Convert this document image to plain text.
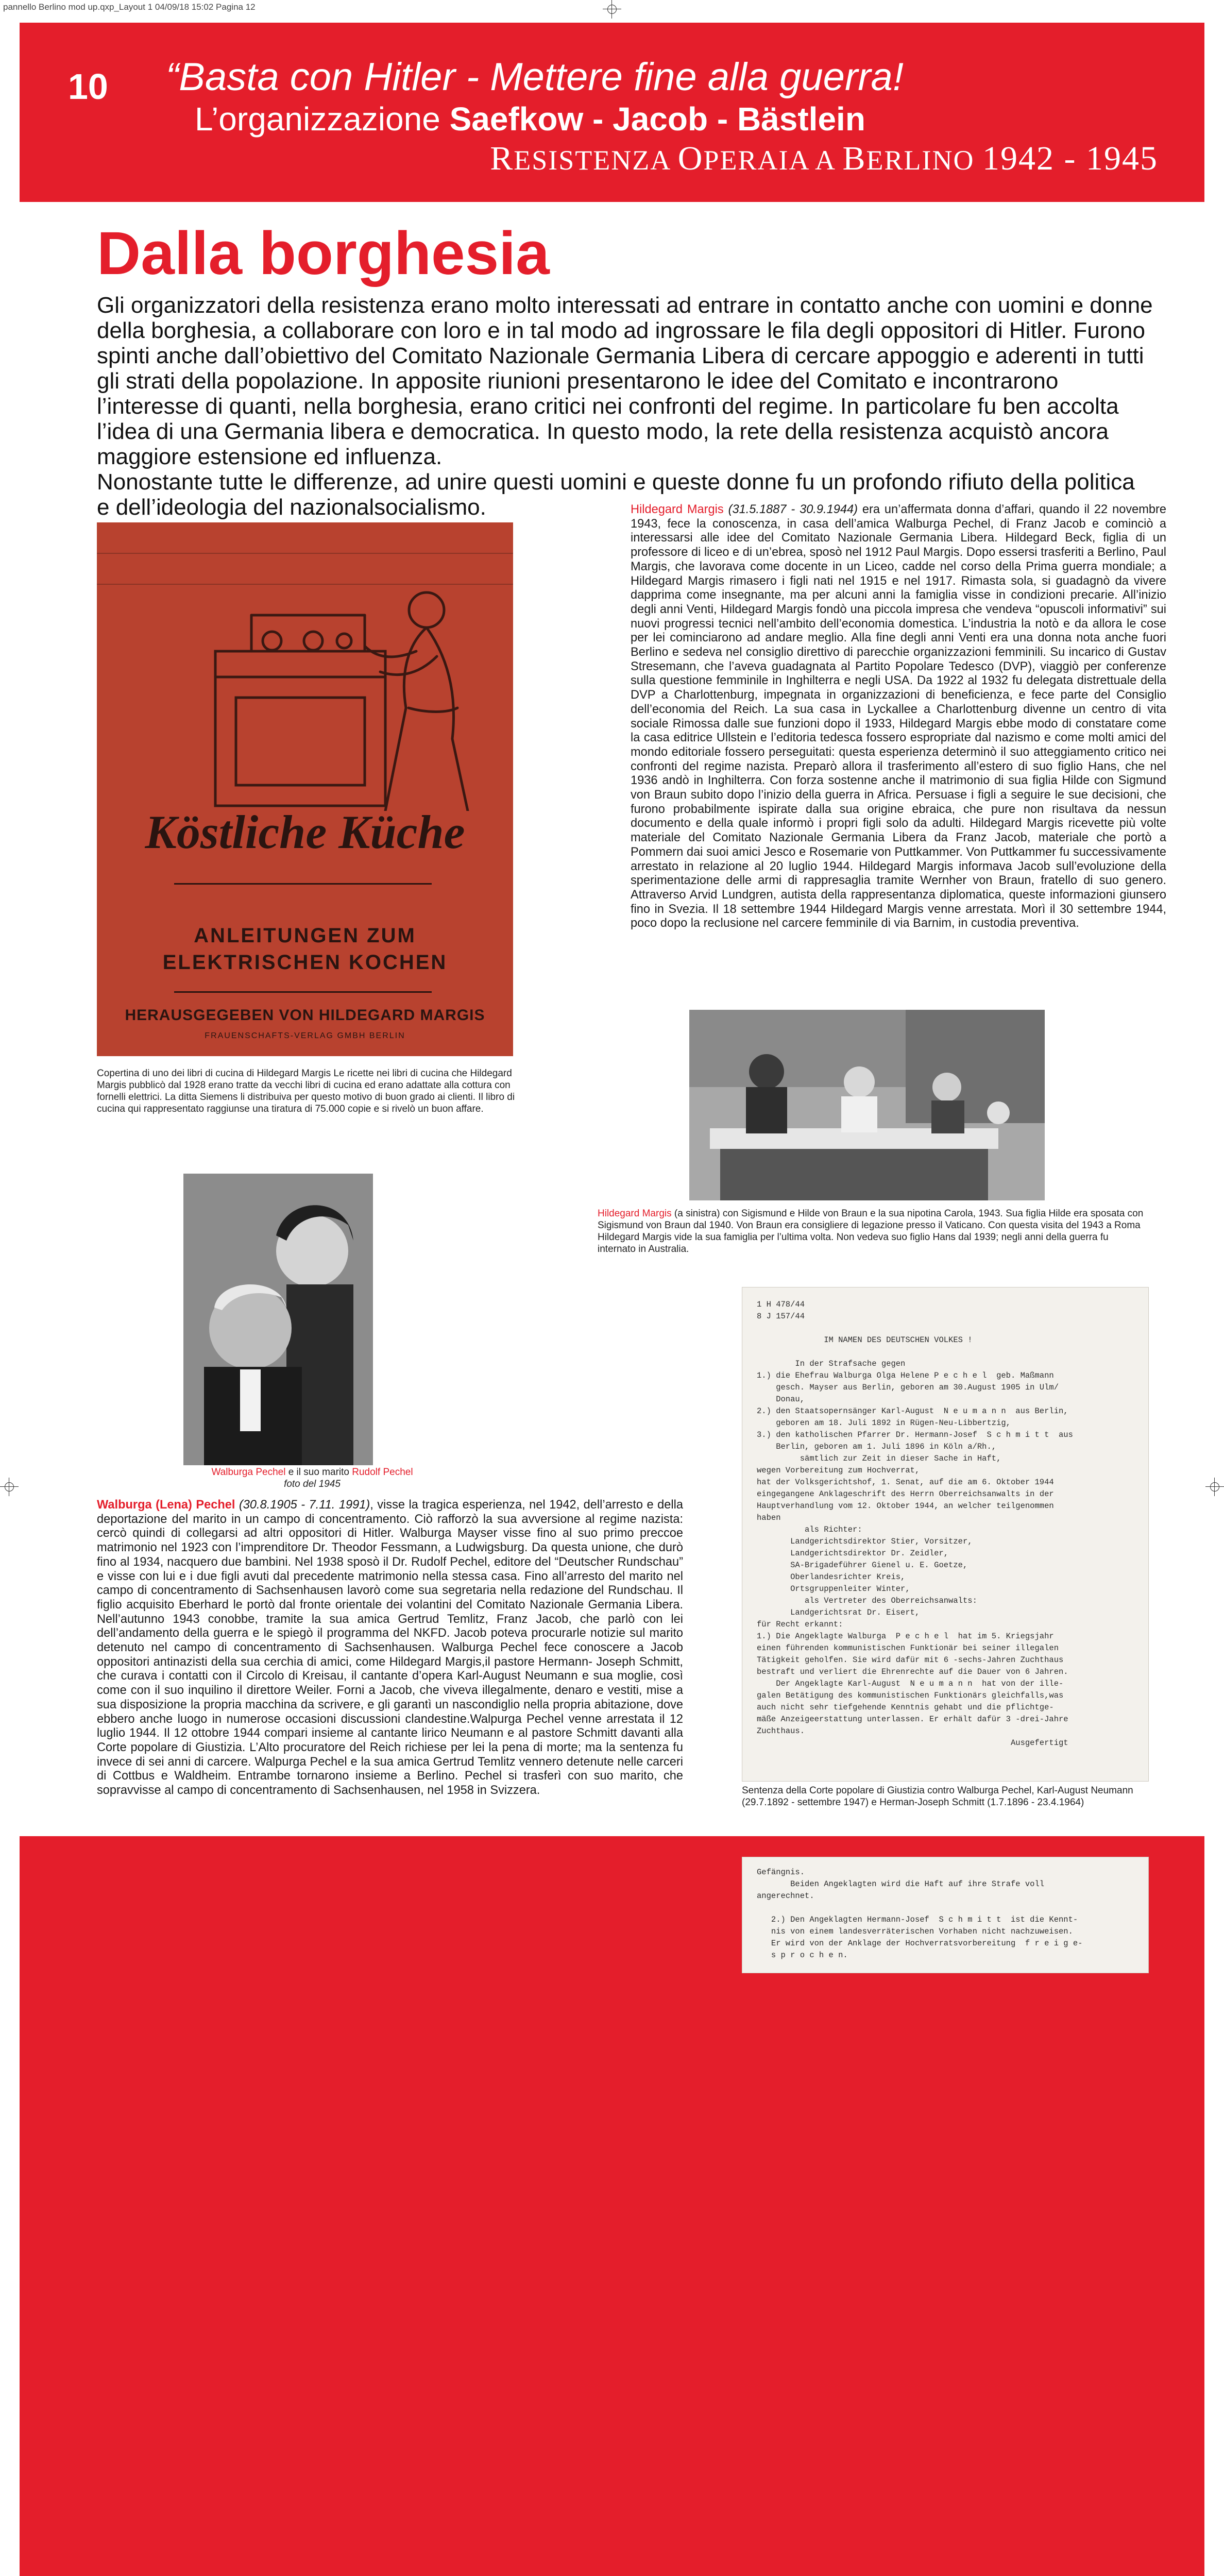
pannello Berlino mod up.qxp_Layout 1 04/09/18 15:02 Pagina 12
10 “Basta con Hitler - Mettere fine alla guerra!
L’organizzazione Saefkow - Jacob - Bästlein
RESISTENZA OPERAIA A BERLINO 1942 - 1945
Dalla borghesia
Gli organizzatori della resistenza erano molto interessati ad entrare in contatto anche con uomini e donne della borghesia, a collaborare con loro e in tal modo ad ingrossare le fila degli oppositori di Hitler. Furono spinti anche dall’obiettivo del Comitato Nazionale Germania Libera di cercare appoggio e aderenti in tutti gli strati della popolazione. In apposite riunioni presentarono le idee del Comitato e incontrarono l’interesse di quanti, nella borghesia, erano critici nei confronti del regime. In particolare fu ben accolta l’idea di una Germania libera e democratica. In questo modo, la rete della resistenza acquistò ancora maggiore estensione ed influenza.
Nonostante tutte le differenze, ad unire questi uomini e queste donne fu un profondo rifiuto della politica e dell’ideologia del nazionalsocialismo.
Köstliche Küche
ANLEITUNGEN ZUM
ELEKTRISCHEN KOCHEN
HERAUSGEGEBEN VON HILDEGARD MARGIS
FRAUENSCHAFTS-VERLAG GMBH BERLIN
Copertina di uno dei libri di cucina di Hildegard Margis Le ricette nei libri di cucina che Hildegard Margis pubblicò dal 1928 erano tratte da vecchi libri di cucina ed erano adattate alla cottura con fornelli elettrici. La ditta Siemens li distribuiva per questo motivo di buon grado ai clienti. Il libro di cucina qui rappresentato raggiunse una tiratura di 75.000 copie e si rivelò un buon affare.
Hildegard Margis (31.5.1887 - 30.9.1944) era un’affermata donna d’affari, quando il 22 novembre 1943, fece la conoscenza, in casa dell’amica Walburga Pechel, di Franz Jacob e cominciò a interessarsi alle idee del Comitato Nazionale Germania Libera. Hildegard Beck, figlia di un professore di liceo e di un’ebrea, sposò nel 1912 Paul Margis. Dopo essersi trasferiti a Berlino, Paul Margis, che lavorava come docente in un Liceo, cadde nel corso della Prima guerra mondiale; a Hildegard Margis rimasero i figli nati nel 1915 e nel 1917. Rimasta sola, si guadagnò da vivere dapprima come insegnante, ma per alcuni anni la famiglia visse in condizioni precarie. All’inizio degli anni Venti, Hildegard Margis fondò una piccola impresa che vendeva “opuscoli informativi” sui nuovi progressi tecnici nell’ambito dell’economia domestica. L’industria la notò e da allora le cose per lei cominciarono ad andare meglio. Alla fine degli anni Venti era una donna nota anche fuori Berlino e sedeva nel consiglio direttivo di parecchie organizzazioni femminili. Su incarico di Gustav Stresemann, che l’aveva guadagnata al Partito Popolare Tedesco (DVP), viaggiò per conferenze sulla questione femminile in Inghilterra e negli USA. Da 1922 al 1932 fu delegata distrettuale della DVP a Charlottenburg, impegnata in organizzazioni di beneficienza, e fece parte del Consiglio dell’economia del Reich. La sua casa in Lyckallee a Charlottenburg divenne un centro di vita sociale Rimossa dalle sue funzioni dopo il 1933, Hildegard Margis ebbe modo di constatare come la casa editrice Ullstein e l’editoria tedesca fossero espropriate dal nazismo e come molti amici del mondo editoriale fossero perseguitati: questa esperienza determinò il suo atteggiamento critico nei confronti del regime nazista. Preparò allora il trasferimento all’estero di suo figlio Hans, che nel 1936 andò in Inghilterra. Con forza sostenne anche il matrimonio di sua figlia Hilde con Sigmund von Braun subito dopo l’inizio della guerra in Africa. Persuase i figli a seguire le sue decisioni, che furono probabilmente ispirate dalla sua origine ebraica, che pure non risultava da nessun documento e della quale informò i propri figli solo da adulti. Hildegard Margis ricevette più volte materiale del Comitato Nazionale Germania Libera da Franz Jacob, materiale che portò a Pommern dai suoi amici Jesco e Rosemarie von Puttkammer. Von Puttkammer fu successivamente arrestato in relazione al 20 luglio 1944. Hildegard Margis informava Jacob sull’evoluzione della sperimentazione delle armi di rappresaglia tramite Wernher von Braun, fratello di suo genero. Attraverso Arvid Lundgren, autista della rappresentanza diplomatica, queste informazioni giunsero fino in Svezia. Il 18 settembre 1944 Hildegard Margis venne arrestata. Morì il 30 settembre 1944, poco dopo la reclusione nel carcere femminile di via Barnim, in custodia preventiva.
Hildegard Margis (a sinistra) con Sigismund e Hilde von Braun e la sua nipotina Carola, 1943. Sua figlia Hilde era sposata con Sigismund von Braun dal 1940. Von Braun era consigliere di legazione presso il Vaticano. Con questa visita del 1943 a Roma Hildegard Margis vide la sua famiglia per l’ultima volta. Non vedeva suo figlio Hans dal 1939; negli anni della guerra fu internato in Australia.
Walburga Pechel e il suo marito Rudolf Pechel
foto del 1945
Walburga (Lena) Pechel (30.8.1905 - 7.11. 1991), visse la tragica esperienza, nel 1942, dell’arresto e della deportazione del marito in un campo di concentramento. Ciò rafforzò la sua avversione al regime nazista: cercò quindi di collegarsi ad altri oppositori di Hitler. Walburga Mayser visse fino al suo primo preccoe matrimonio nel 1923 con l’imprenditore Dr. Theodor Fessmann, a Ludwigsburg. Da questa unione, che durò fino al 1934, nacquero due bambini. Nel 1938 sposò il Dr. Rudolf Pechel, editore del “Deutscher Rundschau” e visse con lui e i due figli avuti dal precedente matrimonio nella stessa casa. Fino all’arresto del marito nel campo di concentramento di Sachsenhausen lavorò come sua segretaria nella redazione del Rundschau. Il figlio acquisito Eberhard le portò dal fronte orientale dei volantini del Comitato Nazionale Germania Libera. Nell’autunno 1943 conobbe, tramite la sua amica Gertrud Temlitz, Franz Jacob, che parlò con lei dell’andamento della guerra e le spiegò il programma del NKFD. Jacob poteva procurarle notizie sul marito detenuto nel campo di concentramento di Sachsenhausen. Walburga Pechel fece conoscere a Jacob oppositori antinazisti della sua cerchia di amici, come Hildegard Margis,il pastore Hermann- Joseph Schmitt, che curava i contatti con il Circolo di Kreisau, il cantante d’opera Karl-August Neumann e sua moglie, così come con il suo inquilino il direttore Weiler. Forni a Jacob, che viveva illegalmente, denaro e vestiti, mise a sua disposizione la propria macchina da scrivere, e gli garantì un nascondiglio nella propria abitazione, dove ebbero anche luogo in numerose occasioni discussioni clandestine.Walpurga Pechel venne arrestata il 12 luglio 1944. Il 12 ottobre 1944 compari insieme al cantante lirico Neumann e al pastore Schmitt davanti alla Corte popolare di Giustizia. L’Alto procuratore del Reich richiese per lei la pena di morte; ma la sentenza fu invece di sei anni di carcere. Walpurga Pechel e la sua amica Gertrud Temlitz vennero detenute nelle carceri di Cottbus e Waldheim. Entrambe tornarono insieme a Berlino. Pechel si trasferì con suo marito, che sopravvisse al campo di concentramento di Sachsenhausen, nel 1958 in Svizzera.
1 H 478/44
8 J 157/44

IM NAMEN DES DEUTSCHEN VOLKES !

In der Strafsache gegen
1.) die Ehefrau Walburga Olga Helene P e c h e l  geb. Maßmann
gesch. Mayser aus Berlin, geboren am 30.August 1905 in Ulm/
Donau,
2.) den Staatsopernsänger Karl-August  N e u m a n n  aus Berlin,
geboren am 18. Juli 1892 in Rügen-Neu-Libbertzig,
3.) den katholischen Pfarrer Dr. Hermann-Josef  S c h m i t t  aus
Berlin, geboren am 1. Juli 1896 in Köln a/Rh.,
sämtlich zur Zeit in dieser Sache in Haft,
wegen Vorbereitung zum Hochverrat,
hat der Volksgerichtshof, 1. Senat, auf die am 6. Oktober 1944
eingegangene Anklageschrift des Herrn Oberreichsanwalts in der
Hauptverhandlung vom 12. Oktober 1944, an welcher teilgenommen
haben
als Richter:
Landgerichtsdirektor Stier, Vorsitzer,
Landgerichtsdirektor Dr. Zeidler,
SA-Brigadeführer Gienel u. E. Goetze,
Oberlandesrichter Kreis,
Ortsgruppenleiter Winter,
als Vertreter des Oberreichsanwalts:
Landgerichtsrat Dr. Eisert,
für Recht erkannt:
1.) Die Angeklagte Walburga  P e c h e l  hat im 5. Kriegsjahr
einen führenden kommunistischen Funktionär bei seiner illegalen
Tätigkeit geholfen. Sie wird dafür mit 6 -sechs-Jahren Zuchthaus
bestraft und verliert die Ehrenrechte auf die Dauer von 6 Jahren.
Der Angeklagte Karl-August  N e u m a n n  hat von der ille-
galen Betätigung des kommunistischen Funktionärs gleichfalls,was
auch nicht sehr tiefgehende Kenntnis gehabt und die pflichtge-
mäße Anzeigeerstattung unterlassen. Er erhält dafür 3 -drei-Jahre
Zuchthaus.
Ausgefertigt
Sentenza della Corte popolare di Giustizia contro Walburga Pechel, Karl-August Neumann (29.7.1892 - settembre 1947) e Herman-Joseph Schmitt (1.7.1896 - 23.4.1964)
Gefängnis.
Beiden Angeklagten wird die Haft auf ihre Strafe voll
angerechnet.

2.) Den Angeklagten Hermann-Josef  S c h m i t t  ist die Kennt-
nis von einem landesverräterischen Vorhaben nicht nachzuweisen.
Er wird von der Anklage der Hochverratsvorbereitung  f r e i g e-
s p r o c h e n.
